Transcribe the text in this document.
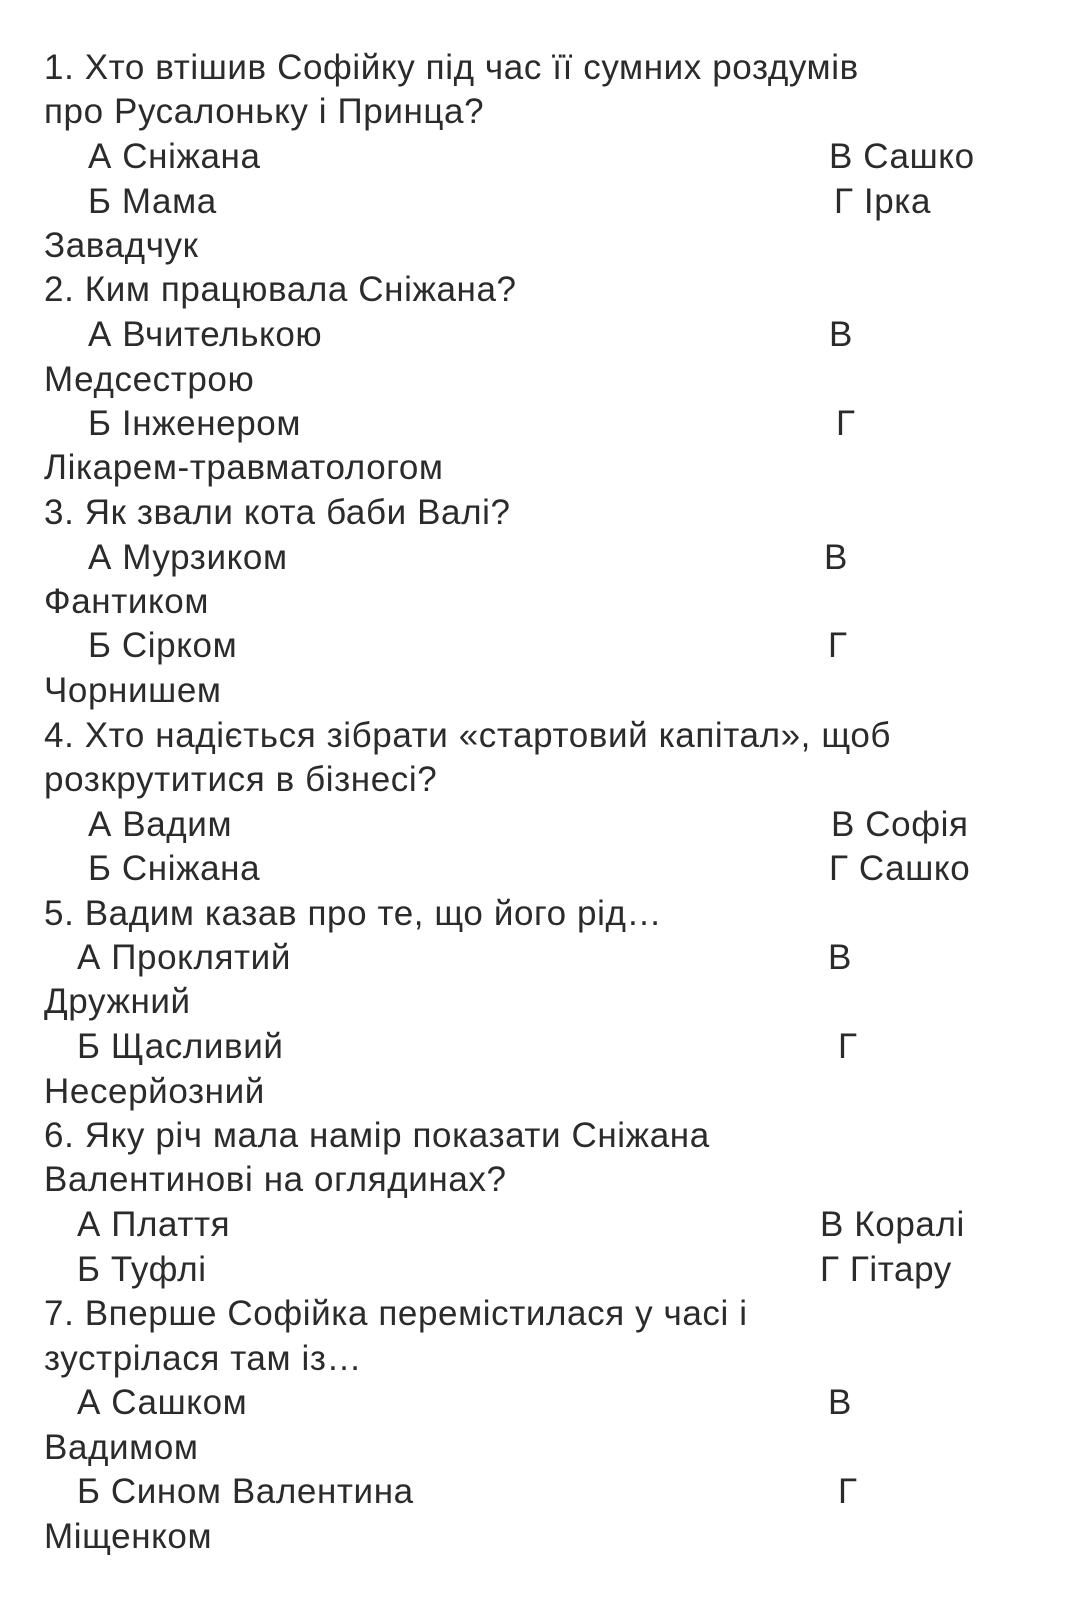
1. Хто втішив Софійку під час її сумних роздумів
про Русалоньку і Принца?
А Сніжана	В Сашко
Б Мама	Г Ірка
Завадчук
2. Ким працювала Сніжана?
А Вчителькою	В
Медсестрою
Б Інженером	Г
Лікарем-травматологом
3. Як звали кота баби Валі?
А Мурзиком	В
Фантиком
Б Сірком	Г
Чорнишем
4. Хто надіється зібрати «стартовий капітал», щоб
розкрутитися в бізнесі?
А Вадим	В Софія
Б Сніжана	Г Сашко
5. Вадим казав про те, що його рід…
А Проклятий	В
Дружний
Б Щасливий	Г
Несерйозний
6. Яку річ мала намір показати Сніжана
Валентинові на оглядинах?
А Плаття	В Коралі
Б Туфлі	Г Гітару
7. Вперше Софійка перемістилася у часі і
зустрілася там із…
А Сашком	В
Вадимом
Б Сином Валентина	Г
Міщенком
